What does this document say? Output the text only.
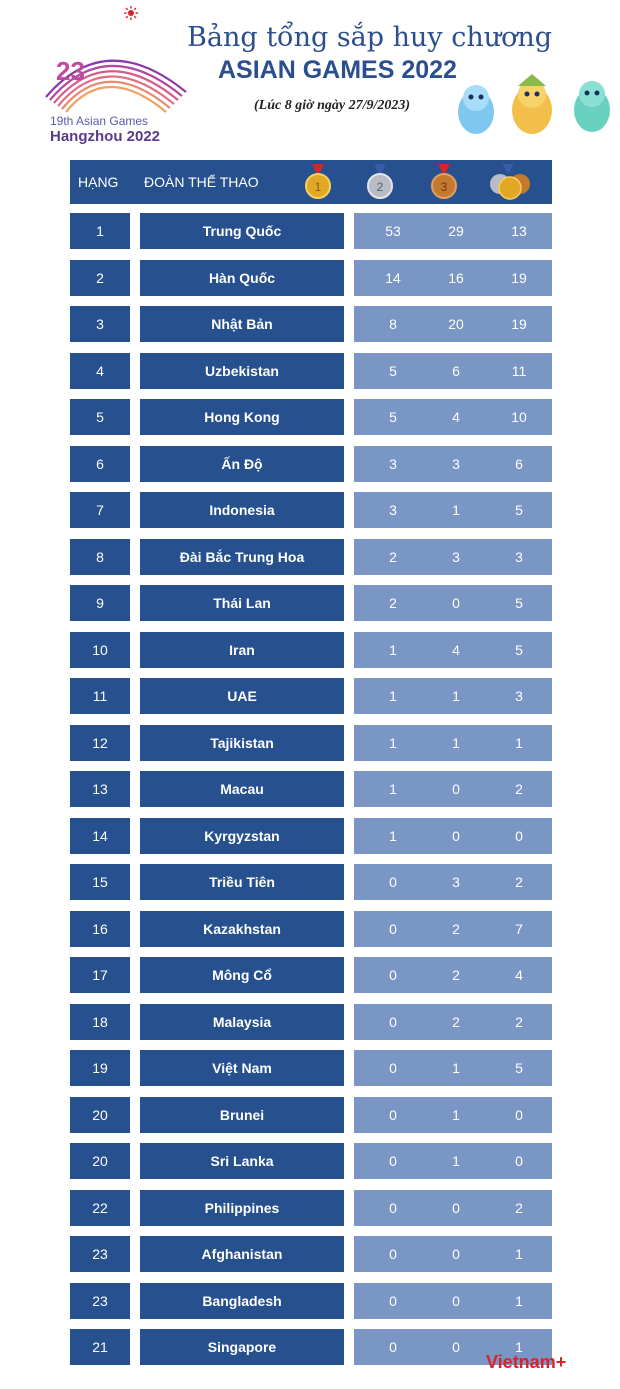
23
19th Asian Games
Hangzhou 2022
Bảng tổng sắp huy chương
ASIAN GAMES 2022
(Lúc 8 giờ ngày 27/9/2023)
HẠNG ĐOÀN THỂ THAO	1	2	3
1	Trung Quốc	53	29	13	95
2	Hàn Quốc	14	16	19	49
3	Nhật Bản	8	20	19	47
4	Uzbekistan	5	6	11	22
5	Hong Kong	5	4	10	19
6	Ấn Độ	3	3	6	12
7	Indonesia	3	1	5	9
8	Đài Bắc Trung Hoa	2	3	3	8
9	Thái Lan	2	0	5	7
10	Iran	1	4	5	10
11	UAE	1	1	3	5
12	Tajikistan	1	1	1	3
13	Macau	1	0	2	3
14	Kyrgyzstan	1	0	0	1
15	Triều Tiên	0	3	2	5
16	Kazakhstan	0	2	7	9
17	Mông Cổ	0	2	4	6
18	Malaysia	0	2	2	4
19	Việt Nam	0	1	5	6
20	Brunei	0	1	0	1
20	Sri Lanka	0	1	0	1
22	Philippines	0	0	2	2
23	Afghanistan	0	0	1	1
23	Bangladesh	0	0	1	1
21	Singapore	0	0	1	1
Vietnam+
